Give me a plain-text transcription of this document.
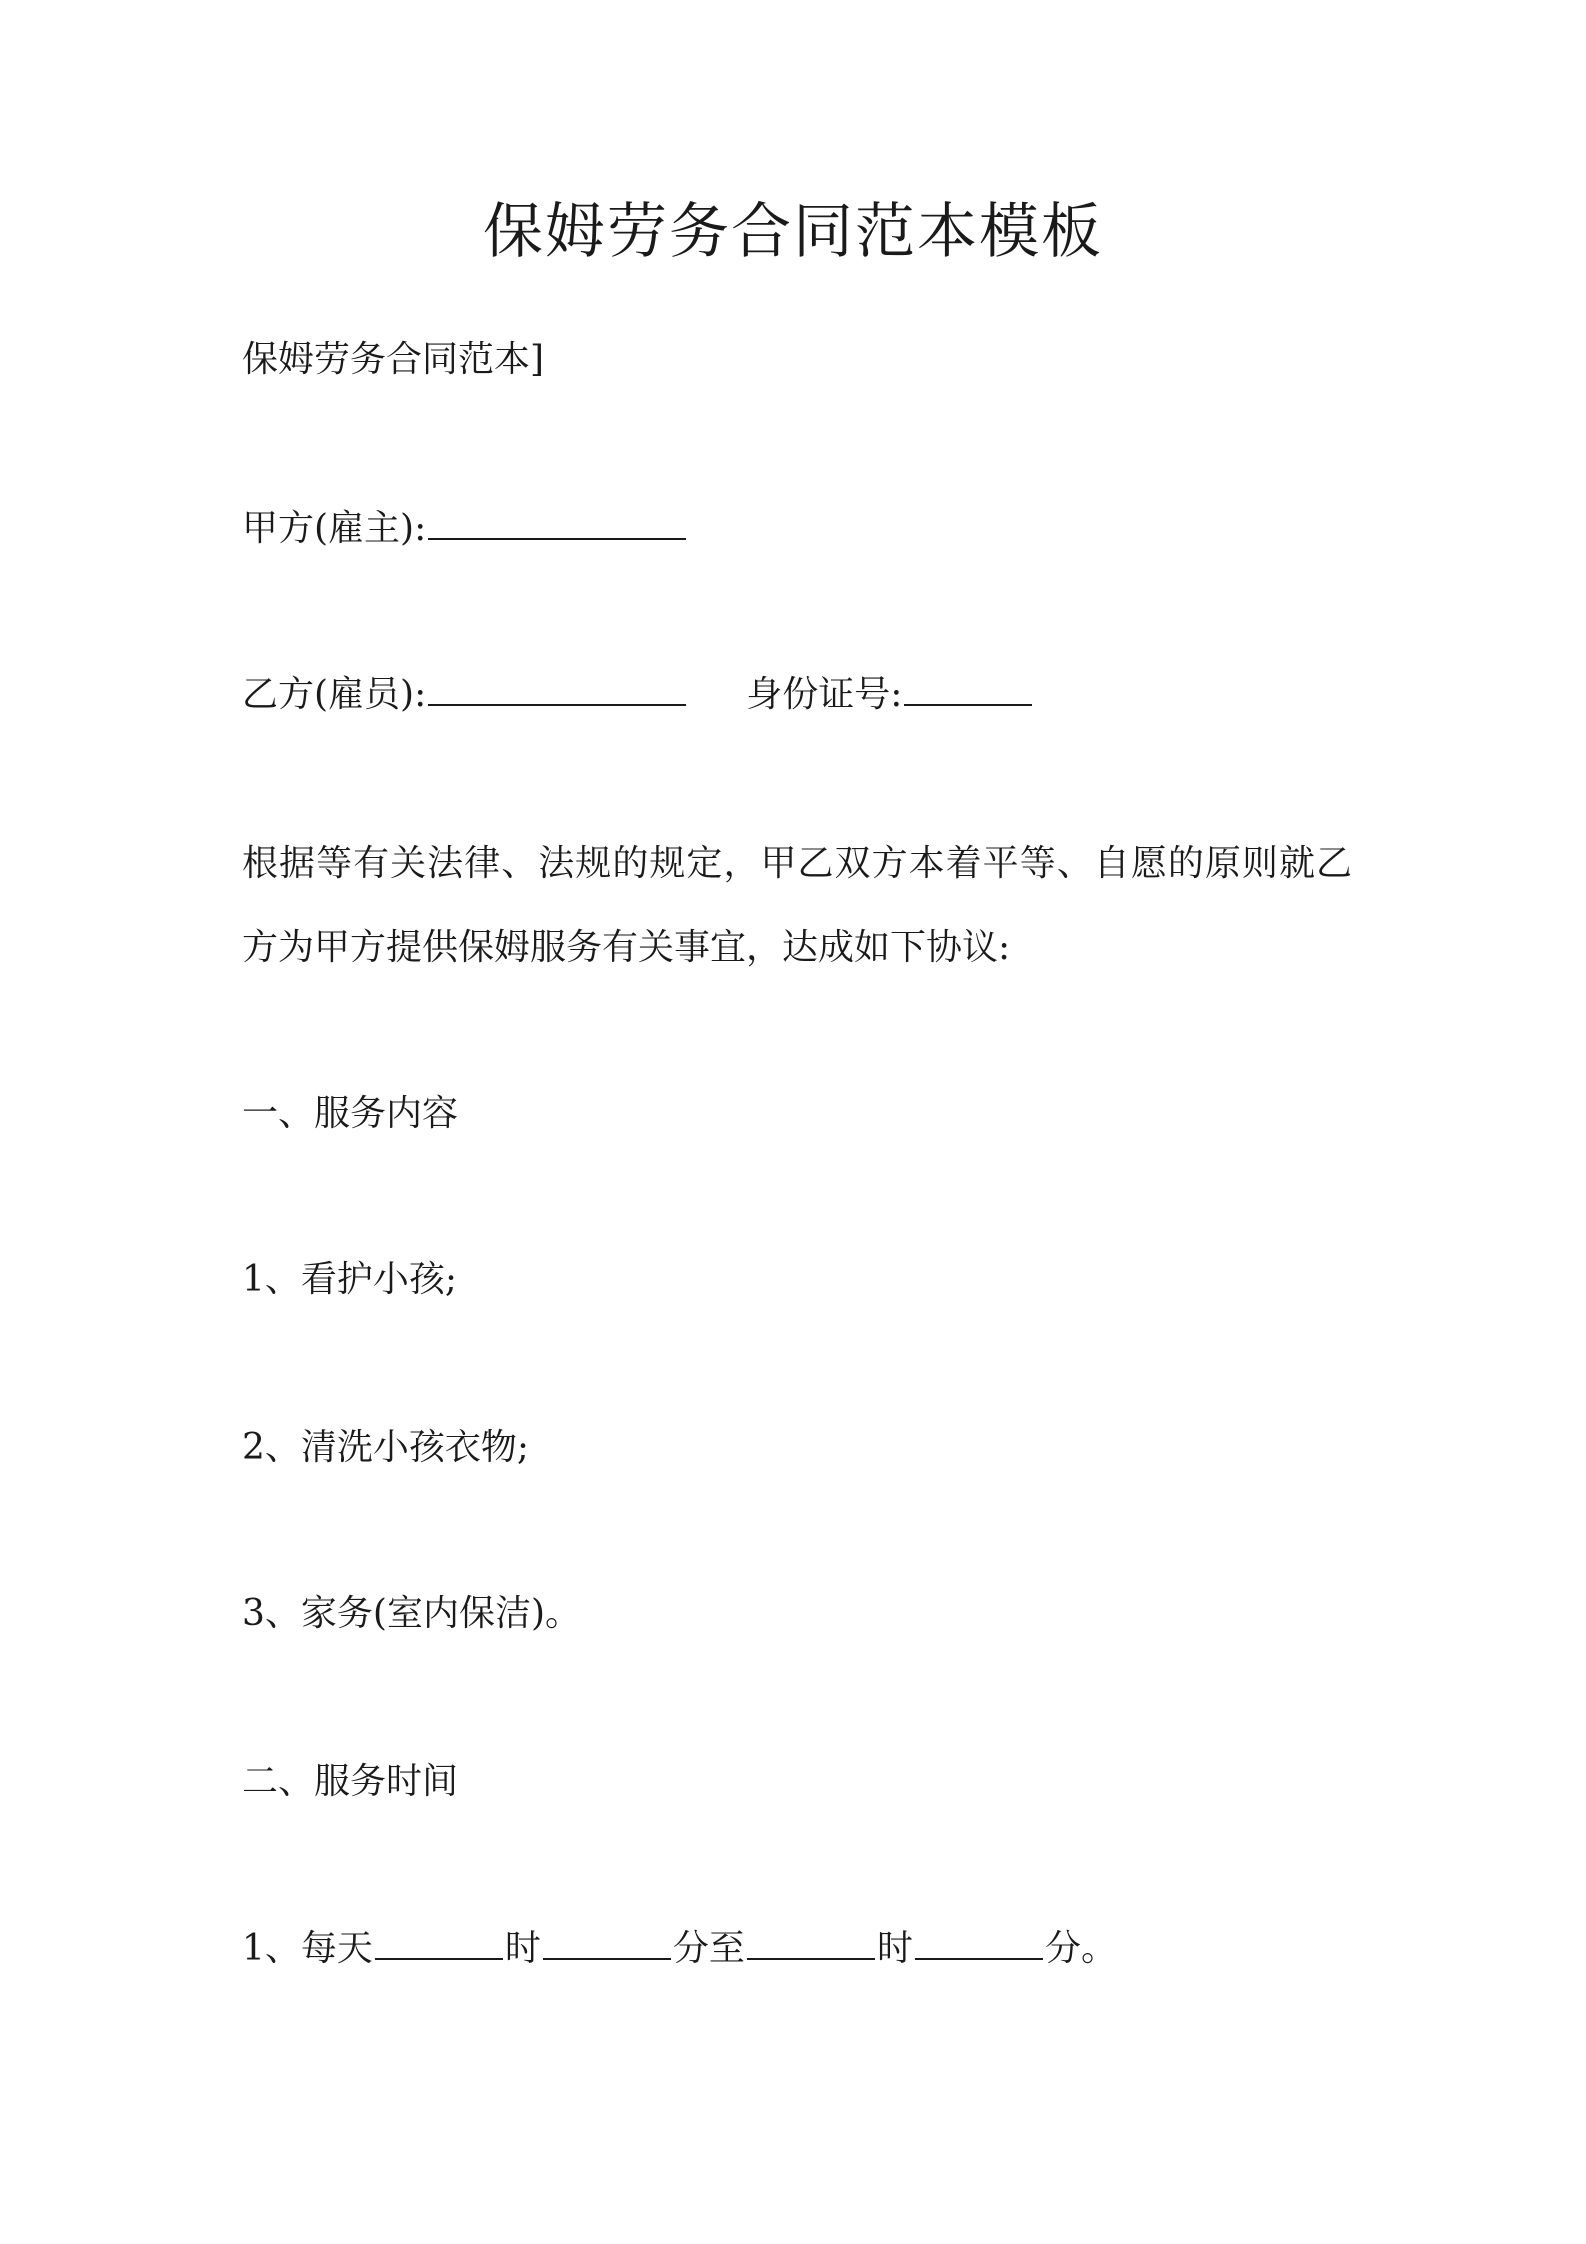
保姆劳务合同范本模板

保姆劳务合同范本]

甲方(雇主):

乙方(雇员):	身份证号:

根据等有关法律、法规的规定，甲乙双方本着平等、自愿的原则就乙方为甲方提供保姆服务有关事宜，达成如下协议:

一、服务内容

1、看护小孩;

2、清洗小孩衣物;

3、家务(室内保洁)。

二、服务时间

1、每天	时	分至	时	分。
